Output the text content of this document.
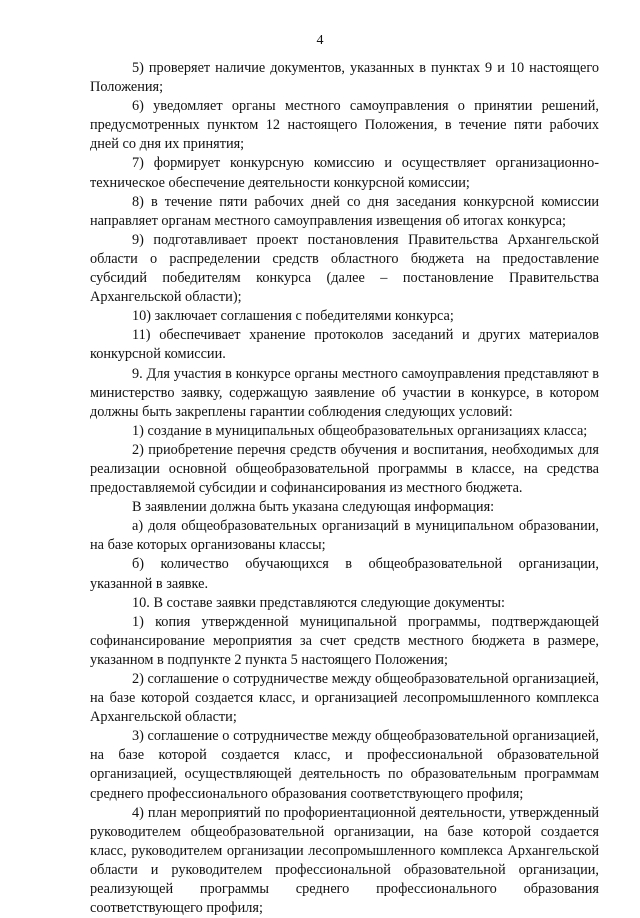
4

5) проверяет наличие документов, указанных в пунктах 9 и 10 настоящего Положения;

6) уведомляет органы местного самоуправления о принятии решений, предусмотренных пунктом 12 настоящего Положения, в течение пяти рабочих дней со дня их принятия;

7) формирует конкурсную комиссию и осуществляет организационно-техническое обеспечение деятельности конкурсной комиссии;

8) в течение пяти рабочих дней со дня заседания конкурсной комиссии направляет органам местного самоуправления извещения об итогах конкурса;

9) подготавливает проект постановления Правительства Архангельской области о распределении средств областного бюджета на предоставление субсидий победителям конкурса (далее – постановление Правительства Архангельской области);

10) заключает соглашения с победителями конкурса;

11) обеспечивает хранение протоколов заседаний и других материалов конкурсной комиссии.

9. Для участия в конкурсе органы местного самоуправления представляют в министерство заявку, содержащую заявление об участии в конкурсе, в котором должны быть закреплены гарантии соблюдения следующих условий:

1) создание в муниципальных общеобразовательных организациях класса;

2) приобретение перечня средств обучения и воспитания, необходимых для реализации основной общеобразовательной программы в классе, на средства предоставляемой субсидии и софинансирования из местного бюджета.

В заявлении должна быть указана следующая информация:

а) доля общеобразовательных организаций в муниципальном образовании, на базе которых организованы классы;

б) количество обучающихся в общеобразовательной организации, указанной в заявке.

10. В составе заявки представляются следующие документы:

1) копия утвержденной муниципальной программы, подтверждающей софинансирование мероприятия за счет средств местного бюджета в размере, указанном в подпункте 2 пункта 5 настоящего Положения;

2) соглашение о сотрудничестве между общеобразовательной организацией, на базе которой создается класс, и организацией лесопромышленного комплекса Архангельской области;

3) соглашение о сотрудничестве между общеобразовательной организацией, на базе которой создается класс, и профессиональной образовательной организацией, осуществляющей деятельность по образовательным программам среднего профессионального образования соответствующего профиля;

4) план мероприятий по профориентационной деятельности, утвержденный руководителем общеобразовательной организации, на базе которой создается класс, руководителем организации лесопромышленного комплекса Архангельской области и руководителем профессиональной образовательной организации, реализующей программы среднего профессионального образования соответствующего профиля;
